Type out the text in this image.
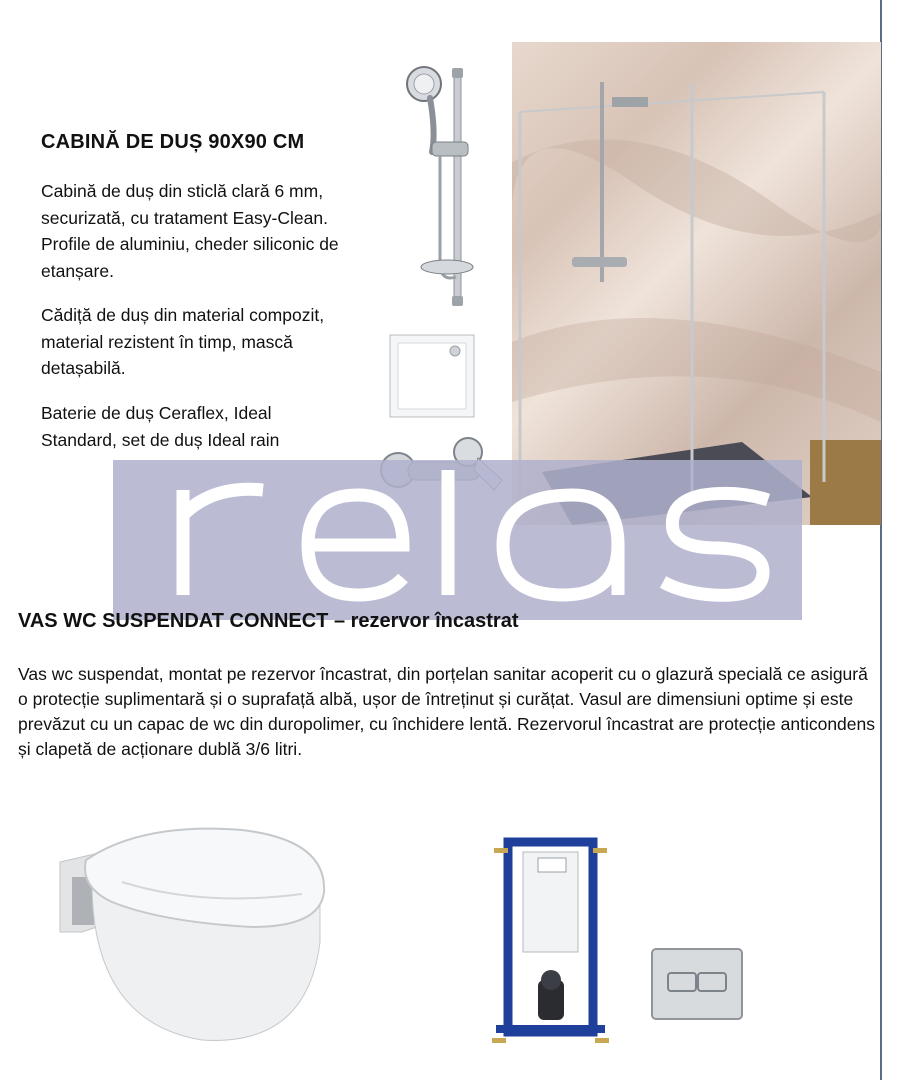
CABINĂ DE DUȘ 90X90 CM
Cabină de duș din sticlă clară 6 mm, securizată, cu tratament Easy-Clean. Profile de aluminiu, cheder siliconic de etanșare.
Cădiță de duș din material compozit, material rezistent în timp, mască detașabilă.
Baterie de duș Ceraflex, Ideal Standard, set de duș Ideal rain
VAS WC SUSPENDAT CONNECT – rezervor încastrat
Vas wc suspendat, montat pe rezervor încastrat, din porțelan sanitar acoperit cu o glazură specială ce asigură o protecție suplimentară și o suprafață albă, ușor de întreținut și curățat. Vasul are dimensiuni optime și este prevăzut cu un capac de wc din duropolimer, cu închidere lentă. Rezervorul încastrat are protecție anticondens și clapetă de acționare dublă 3/6 litri.
